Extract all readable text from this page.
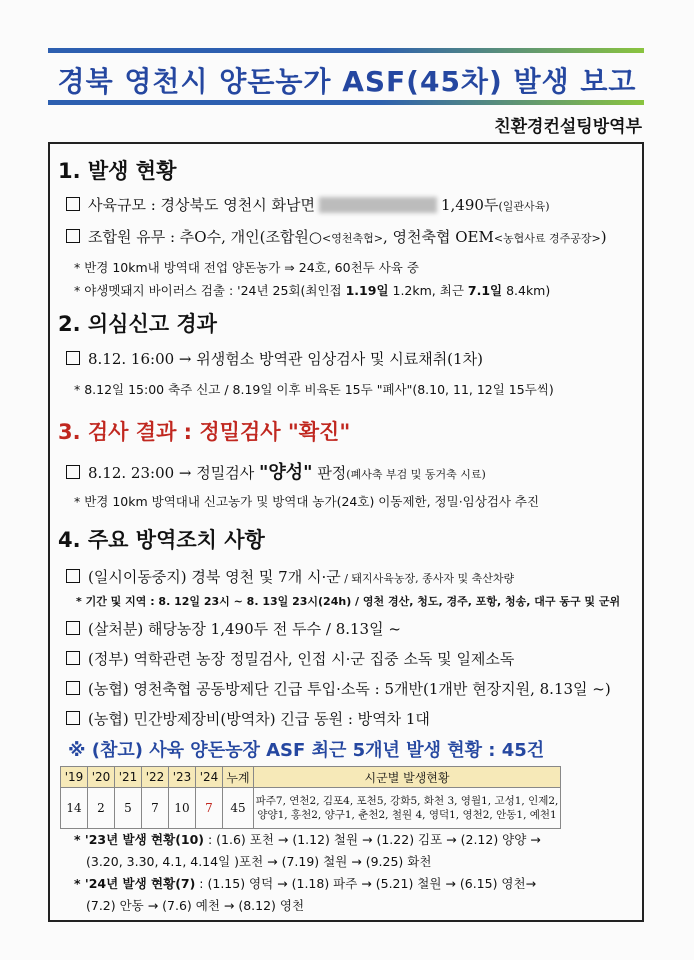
경북 영천시 양돈농가 ASF(45차) 발생 보고
친환경컨설팅방역부
1. 발생 현황
사육규모 : 경상북도 영천시 화남면	1,490두(일관사육)
조합원 유무 : 추O수, 개인(조합원○<영천축협>, 영천축협 OEM<농협사료 경주공장>)
* 반경 10km내 방역대 전업 양돈농가 ⇒ 24호, 60천두 사육 중
* 야생멧돼지 바이러스 검출 : '24년 25회(최인접 1.19일 1.2km, 최근 7.1일 8.4km)
2. 의심신고 경과
8.12. 16:00 → 위생험소 방역관 임상검사 및 시료채취(1차)
* 8.12일 15:00 축주 신고 / 8.19일 이후 비육돈 15두 "폐사"(8.10, 11, 12일 15두씩)
3. 검사 결과 : 정밀검사 "확진"
8.12. 23:00 → 정밀검사 "양성" 판정(폐사축 부검 및 동거축 시료)
* 반경 10km 방역대내 신고농가 및 방역대 농가(24호) 이동제한, 정밀·임상검사 추진
4. 주요 방역조치 사항
(일시이동중지) 경북 영천 및 7개 시·군 / 돼지사육농장, 종사자 및 축산차량
* 기간 및 지역 : 8. 12일 23시 ~ 8. 13일 23시(24h) / 영천 경산, 청도, 경주, 포항, 청송, 대구 동구 및 군위
(살처분) 해당농장 1,490두 전 두수 / 8.13일 ~
(정부) 역학관련 농장 정밀검사, 인접 시·군 집중 소독 및 일제소독
(농협) 영천축협 공동방제단 긴급 투입·소독 : 5개반(1개반 현장지원, 8.13일 ~)
(농협) 민간방제장비(방역차) 긴급 동원 : 방역차 1대
※ (참고) 사육 양돈농장 ASF 최근 5개년 발생 현황 : 45건
'19	'20	'21	'22	'23	'24	누계	시군별 발생현황
14	2	5	7	10	7	45	파주7, 연천2, 김포4, 포천5, 강화5, 화천 3, 영월1, 고성1, 인제2,
양양1, 홍천2, 양구1, 춘천2, 철원 4, 영덕1, 영천2, 안동1, 예천1
* '23년 발생 현황(10) : (1.6) 포천 → (1.12) 철원 → (1.22) 김포 → (2.12) 양양 →
(3.20, 3.30, 4.1, 4.14일 )포천 → (7.19) 철원 → (9.25) 화천
* '24년 발생 현황(7) : (1.15) 영덕 → (1.18) 파주 → (5.21) 철원 → (6.15) 영천→
(7.2) 안동 → (7.6) 예천 → (8.12) 영천
